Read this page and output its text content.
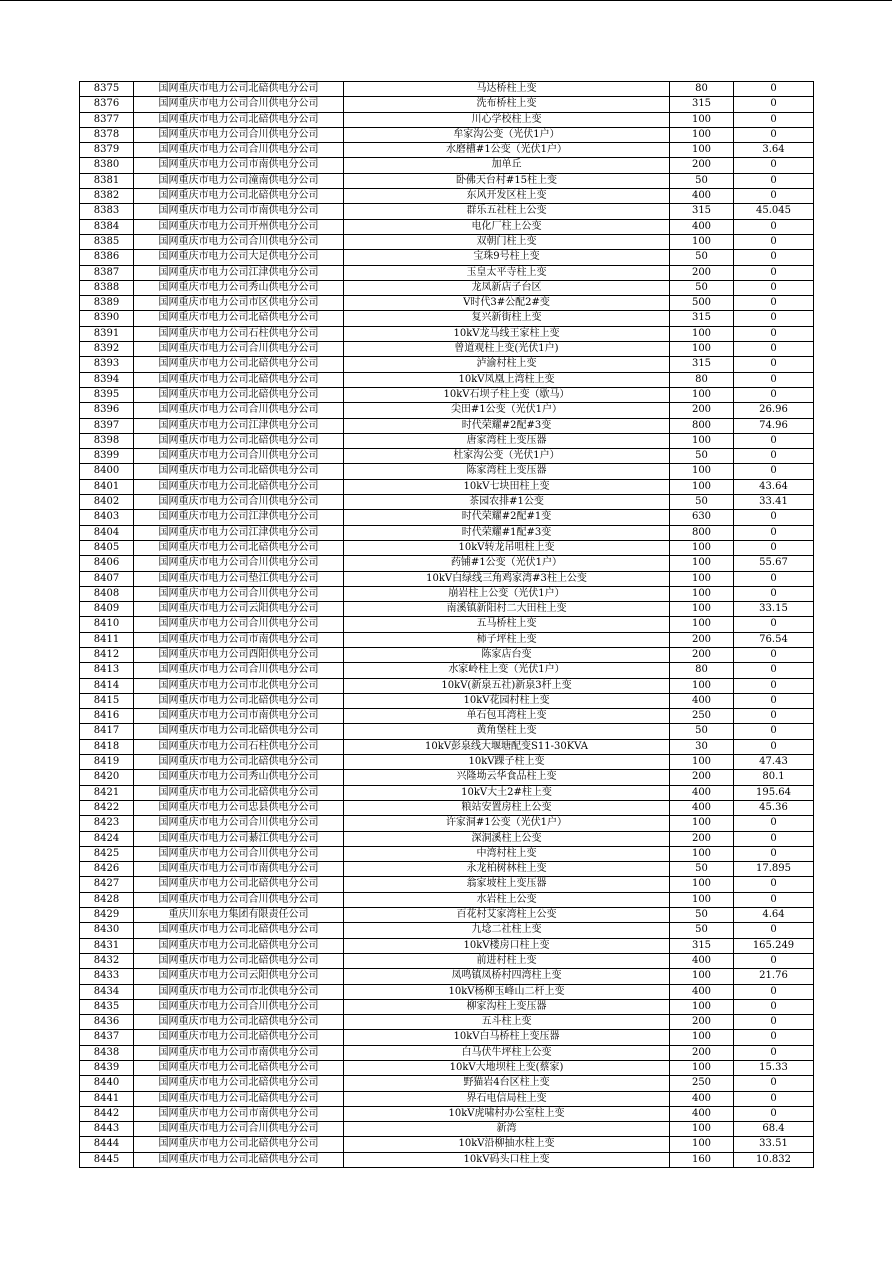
8375	国网重庆市电力公司北碚供电分公司	马达桥柱上变	80	0
8376	国网重庆市电力公司合川供电分公司	洗布桥柱上变	315	0
8377	国网重庆市电力公司北碚供电分公司	川心学校柱上变	100	0
8378	国网重庆市电力公司合川供电分公司	牟家沟公变（光伏1户）	100	0
8379	国网重庆市电力公司合川供电分公司	水磨槽#1公变（光伏1户）	100	3.64
8380	国网重庆市电力公司市南供电分公司	加单丘	200	0
8381	国网重庆市电力公司潼南供电分公司	卧佛天台村#15柱上变	50	0
8382	国网重庆市电力公司北碚供电分公司	东风开发区柱上变	400	0
8383	国网重庆市电力公司市南供电分公司	群乐五社柱上公变	315	45.045
8384	国网重庆市电力公司开州供电分公司	电化厂柱上公变	400	0
8385	国网重庆市电力公司合川供电分公司	双朝门柱上变	100	0
8386	国网重庆市电力公司大足供电分公司	宝珠9号柱上变	50	0
8387	国网重庆市电力公司江津供电分公司	玉皇太平寺柱上变	200	0
8388	国网重庆市电力公司秀山供电分公司	龙凤新店子台区	50	0
8389	国网重庆市电力公司市区供电分公司	V时代3#公配2#变	500	0
8390	国网重庆市电力公司北碚供电分公司	复兴新街柱上变	315	0
8391	国网重庆市电力公司石柱供电分公司	10kV龙马线王家柱上变	100	0
8392	国网重庆市电力公司合川供电分公司	曾道观柱上变(光伏1户)	100	0
8393	国网重庆市电力公司北碚供电分公司	泸渝村柱上变	315	0
8394	国网重庆市电力公司北碚供电分公司	10kV凤凰上湾柱上变	80	0
8395	国网重庆市电力公司北碚供电分公司	10kV石坝子柱上变（歇马）	100	0
8396	国网重庆市电力公司合川供电分公司	尖田#1公变（光伏1户）	200	26.96
8397	国网重庆市电力公司江津供电分公司	时代荣耀#2配#3变	800	74.96
8398	国网重庆市电力公司北碚供电分公司	唐家湾柱上变压器	100	0
8399	国网重庆市电力公司合川供电分公司	杜家沟公变（光伏1户）	50	0
8400	国网重庆市电力公司北碚供电分公司	陈家湾柱上变压器	100	0
8401	国网重庆市电力公司北碚供电分公司	10kV七块田柱上变	100	43.64
8402	国网重庆市电力公司合川供电分公司	茶园农排#1公变	50	33.41
8403	国网重庆市电力公司江津供电分公司	时代荣耀#2配#1变	630	0
8404	国网重庆市电力公司江津供电分公司	时代荣耀#1配#3变	800	0
8405	国网重庆市电力公司北碚供电分公司	10kV转龙吊咀柱上变	100	0
8406	国网重庆市电力公司合川供电分公司	药铺#1公变（光伏1户）	100	55.67
8407	国网重庆市电力公司垫江供电分公司	10kV白绿线三角鸡家湾#3柱上公变	100	0
8408	国网重庆市电力公司合川供电分公司	崩岩柱上公变（光伏1户）	100	0
8409	国网重庆市电力公司云阳供电分公司	南溪镇新阳村二大田柱上变	100	33.15
8410	国网重庆市电力公司合川供电分公司	五马桥柱上变	100	0
8411	国网重庆市电力公司市南供电分公司	柿子坪柱上变	200	76.54
8412	国网重庆市电力公司酉阳供电分公司	陈家店台变	200	0
8413	国网重庆市电力公司合川供电分公司	水家岭柱上变（光伏1户）	80	0
8414	国网重庆市电力公司市北供电分公司	10kV(新泉五社)新泉3杆上变	100	0
8415	国网重庆市电力公司北碚供电分公司	10kV花园村柱上变	400	0
8416	国网重庆市电力公司市南供电分公司	单石包耳湾柱上变	250	0
8417	国网重庆市电力公司北碚供电分公司	黄角堡柱上变	50	0
8418	国网重庆市电力公司石柱供电分公司	10kV彭泉线大堰塘配变S11-30KVA	30	0
8419	国网重庆市电力公司北碚供电分公司	10kV踝子柱上变	100	47.43
8420	国网重庆市电力公司秀山供电分公司	兴隆坳云华食品柱上变	200	80.1
8421	国网重庆市电力公司北碚供电分公司	10kV大土2#柱上变	400	195.64
8422	国网重庆市电力公司忠县供电分公司	粮站安置房柱上公变	400	45.36
8423	国网重庆市电力公司合川供电分公司	许家洞#1公变（光伏1户）	100	0
8424	国网重庆市电力公司綦江供电分公司	深洞溪柱上公变	200	0
8425	国网重庆市电力公司合川供电分公司	中湾村柱上变	100	0
8426	国网重庆市电力公司市南供电分公司	永龙柏树林柱上变	50	17.895
8427	国网重庆市电力公司北碚供电分公司	翁家坡柱上变压器	100	0
8428	国网重庆市电力公司合川供电分公司	水岩柱上公变	100	0
8429	重庆川东电力集团有限责任公司	百花村艾家湾柱上公变	50	4.64
8430	国网重庆市电力公司北碚供电分公司	九埝二社柱上变	50	0
8431	国网重庆市电力公司北碚供电分公司	10kV楼房口柱上变	315	165.249
8432	国网重庆市电力公司北碚供电分公司	前进村柱上变	400	0
8433	国网重庆市电力公司云阳供电分公司	凤鸣镇凤桥村四湾柱上变	100	21.76
8434	国网重庆市电力公司市北供电分公司	10kV杨柳玉峰山二杆上变	400	0
8435	国网重庆市电力公司合川供电分公司	柳家沟柱上变压器	100	0
8436	国网重庆市电力公司北碚供电分公司	五斗柱上变	200	0
8437	国网重庆市电力公司北碚供电分公司	10kV白马桥柱上变压器	100	0
8438	国网重庆市电力公司市南供电分公司	白马伏牛坪柱上公变	200	0
8439	国网重庆市电力公司北碚供电分公司	10kV大地坝柱上变(蔡家)	100	15.33
8440	国网重庆市电力公司北碚供电分公司	野猫岩4台区柱上变	250	0
8441	国网重庆市电力公司北碚供电分公司	界石电信局柱上变	400	0
8442	国网重庆市电力公司市南供电分公司	10kV虎啸村办公室柱上变	400	0
8443	国网重庆市电力公司合川供电分公司	新湾	100	68.4
8444	国网重庆市电力公司北碚供电分公司	10kV沿柳抽水柱上变	100	33.51
8445	国网重庆市电力公司北碚供电分公司	10kV码头口柱上变	160	10.832
